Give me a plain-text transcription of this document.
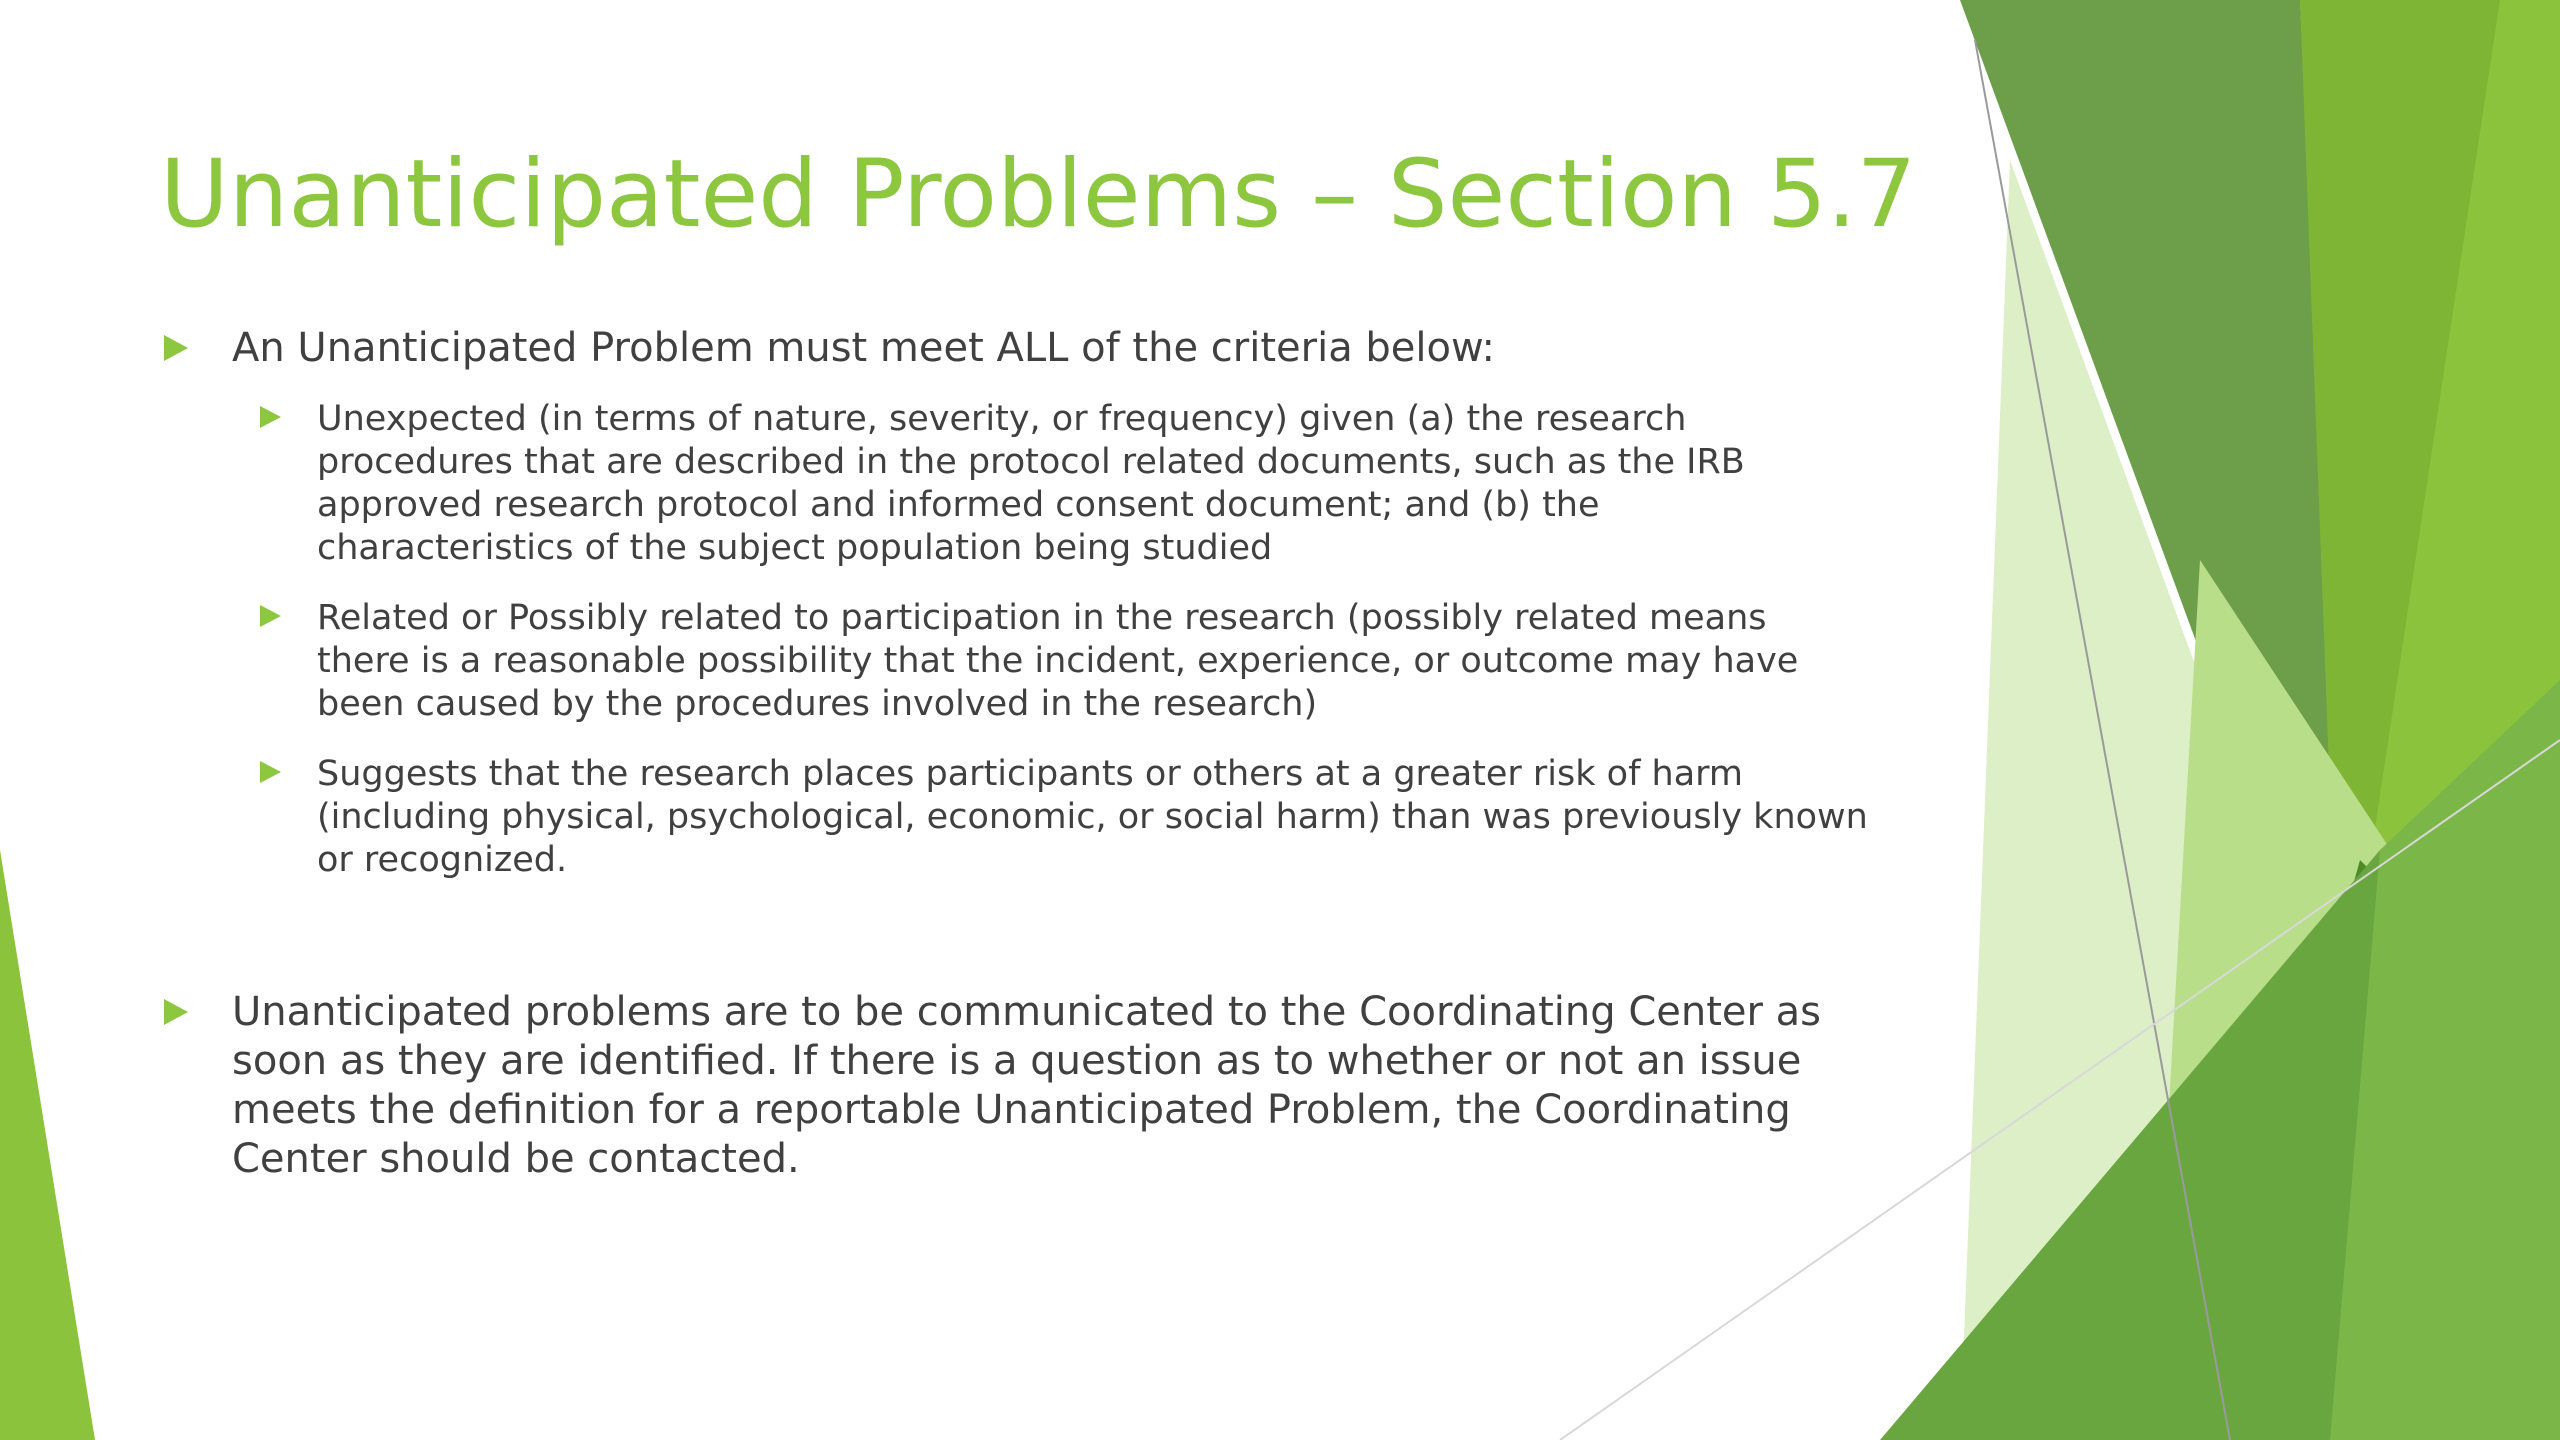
Unanticipated Problems – Section 5.7
An Unanticipated Problem must meet ALL of the criteria below:
Unexpected (in terms of nature, severity, or frequency) given (a) the research
procedures that are described in the protocol related documents, such as the IRB
approved research protocol and informed consent document; and (b) the
characteristics of the subject population being studied
Related or Possibly related to participation in the research (possibly related means
there is a reasonable possibility that the incident, experience, or outcome may have
been caused by the procedures involved in the research)
Suggests that the research places participants or others at a greater risk of harm
(including physical, psychological, economic, or social harm) than was previously known
or recognized.
Unanticipated problems are to be communicated to the Coordinating Center as
soon as they are identified. If there is a question as to whether or not an issue
meets the definition for a reportable Unanticipated Problem, the Coordinating
Center should be contacted.
